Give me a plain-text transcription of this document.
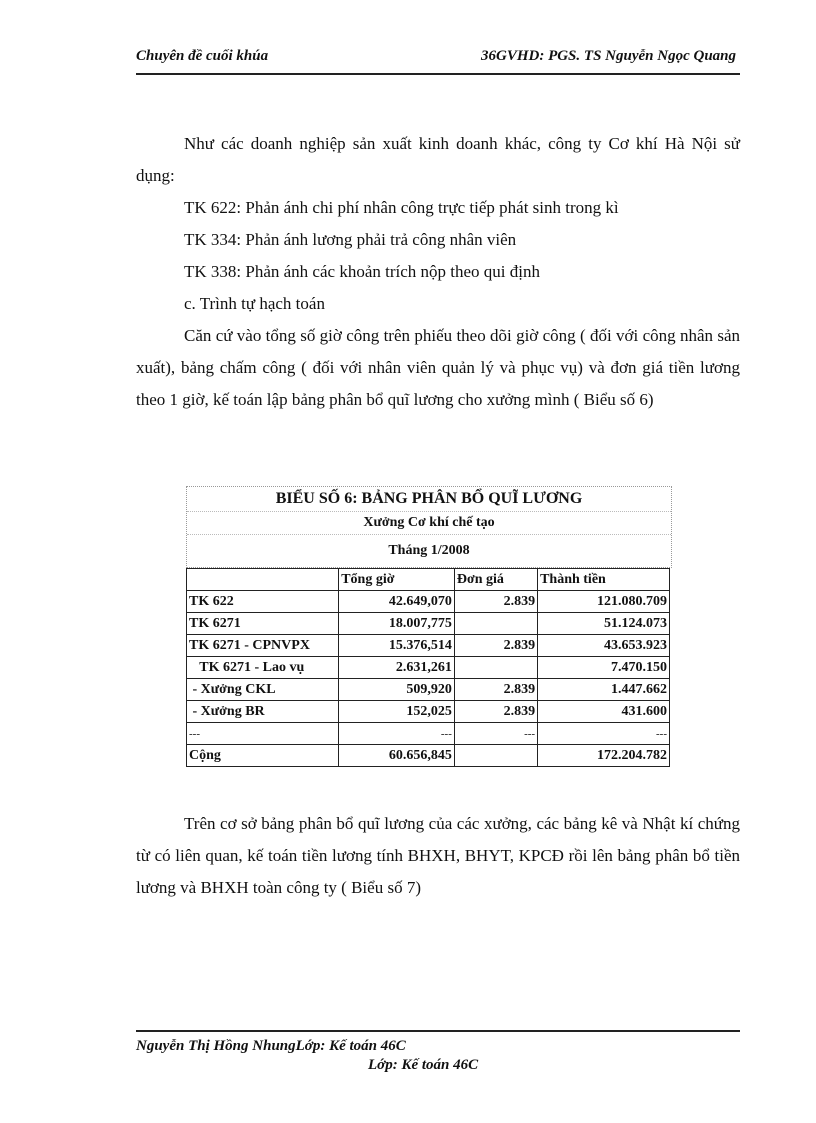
Chuyên đề cuối khúa	36GVHD: PGS. TS Nguyễn Ngọc Quang

Như các doanh nghiệp sản xuất kinh doanh khác, công ty Cơ khí Hà Nội sử dụng:

TK 622: Phản ánh chi phí nhân công trực tiếp phát sinh trong kì

TK 334: Phản ánh lương phải trả công nhân viên

TK 338: Phản ánh các khoản trích nộp theo qui định

c. Trình tự hạch toán

Căn cứ vào tổng số giờ công trên phiếu theo dõi giờ công ( đối với công nhân sản xuất), bảng chấm công ( đối với nhân viên quản lý và phục vụ) và đơn giá tiền lương theo 1 giờ, kế toán lập bảng phân bổ quĩ lương cho xưởng mình ( Biểu số 6)

BIỂU SỐ 6: BẢNG PHÂN BỔ QUĨ LƯƠNG
Xưởng Cơ khí chế tạo
Tháng 1/2008
	Tổng giờ	Đơn giá	Thành tiền
TK 622	42.649,070	2.839	121.080.709
TK 6271	18.007,775		51.124.073
TK 6271 - CPNVPX	15.376,514	2.839	43.653.923
TK 6271 - Lao vụ	2.631,261		7.470.150
- Xưởng CKL	509,920	2.839	1.447.662
- Xưởng BR	152,025	2.839	431.600
---	---	---	---
Cộng	60.656,845		172.204.782

Trên cơ sở bảng phân bổ quĩ lương của các xưởng, các bảng kê và Nhật kí chứng từ có liên quan, kế toán tiền lương tính BHXH, BHYT, KPCĐ rồi lên bảng phân bổ tiền lương và BHXH toàn công ty ( Biểu số 7)

Nguyễn Thị Hồng NhungLớp: Kế toán 46C
Lớp: Kế toán 46C
